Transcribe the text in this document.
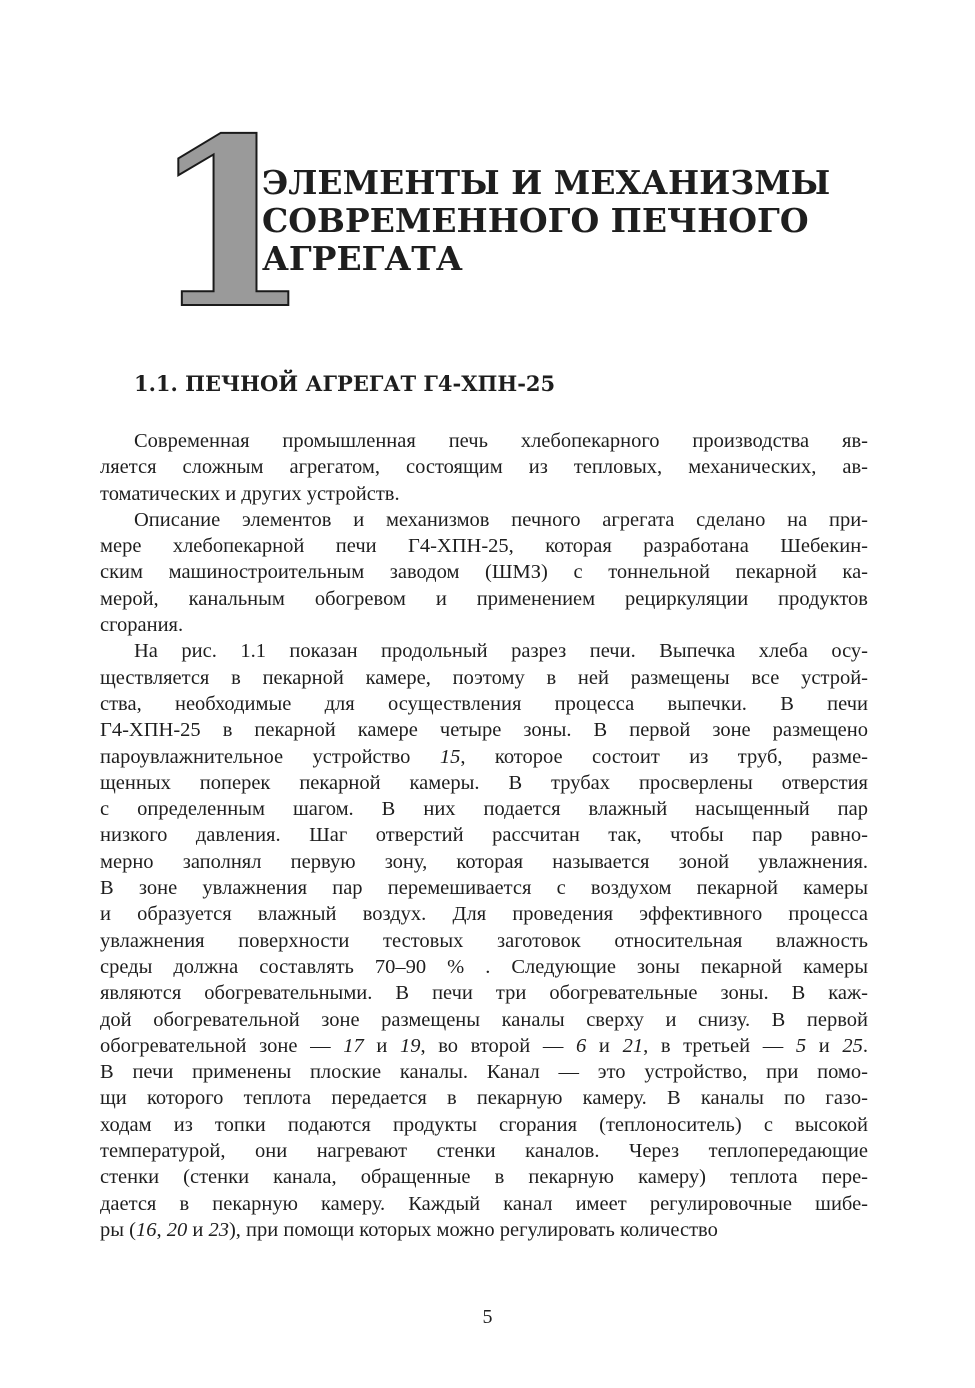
1
ЭЛЕМЕНТЫ И МЕХАНИЗМЫ
СОВРЕМЕННОГО ПЕЧНОГО
АГРЕГАТА
1.1. ПЕЧНОЙ АГРЕГАТ Г4-ХПН-25
Современная промышленная печь хлебопекарного производства яв-
ляется сложным агрегатом, состоящим из тепловых, механических, ав-
томатических и других устройств.
Описание элементов и механизмов печного агрегата сделано на при-
мере хлебопекарной печи Г4-ХПН-25, которая разработана Шебекин-
ским машиностроительным заводом (ШМЗ) с тоннельной пекарной ка-
мерой, канальным обогревом и применением рециркуляции продуктов
сгорания.
На рис. 1.1 показан продольный разрез печи. Выпечка хлеба осу-
ществляется в пекарной камере, поэтому в ней размещены все устрой-
ства, необходимые для осуществления процесса выпечки. В печи
Г4-ХПН-25 в пекарной камере четыре зоны. В первой зоне размещено
пароувлажнительное устройство 15, которое состоит из труб, разме-
щенных поперек пекарной камеры. В трубах просверлены отверстия
с определенным шагом. В них подается влажный насыщенный пар
низкого давления. Шаг отверстий рассчитан так, чтобы пар равно-
мерно заполнял первую зону, которая называется зоной увлажнения.
В зоне увлажнения пар перемешивается с воздухом пекарной камеры
и образуется влажный воздух. Для проведения эффективного процесса
увлажнения поверхности тестовых заготовок относительная влажность
среды должна составлять 70–90 % . Следующие зоны пекарной камеры
являются обогревательными. В печи три обогревательные зоны. В каж-
дой обогревательной зоне размещены каналы сверху и снизу. В первой
обогревательной зоне — 17 и 19, во второй — 6 и 21, в третьей — 5 и 25.
В печи применены плоские каналы. Канал — это устройство, при помо-
щи которого теплота передается в пекарную камеру. В каналы по газо-
ходам из топки подаются продукты сгорания (теплоноситель) с высокой
температурой, они нагревают стенки каналов. Через теплопередающие
стенки (стенки канала, обращенные в пекарную камеру) теплота пере-
дается в пекарную камеру. Каждый канал имеет регулировочные шибе-
ры (16, 20 и 23), при помощи которых можно регулировать количество
5
